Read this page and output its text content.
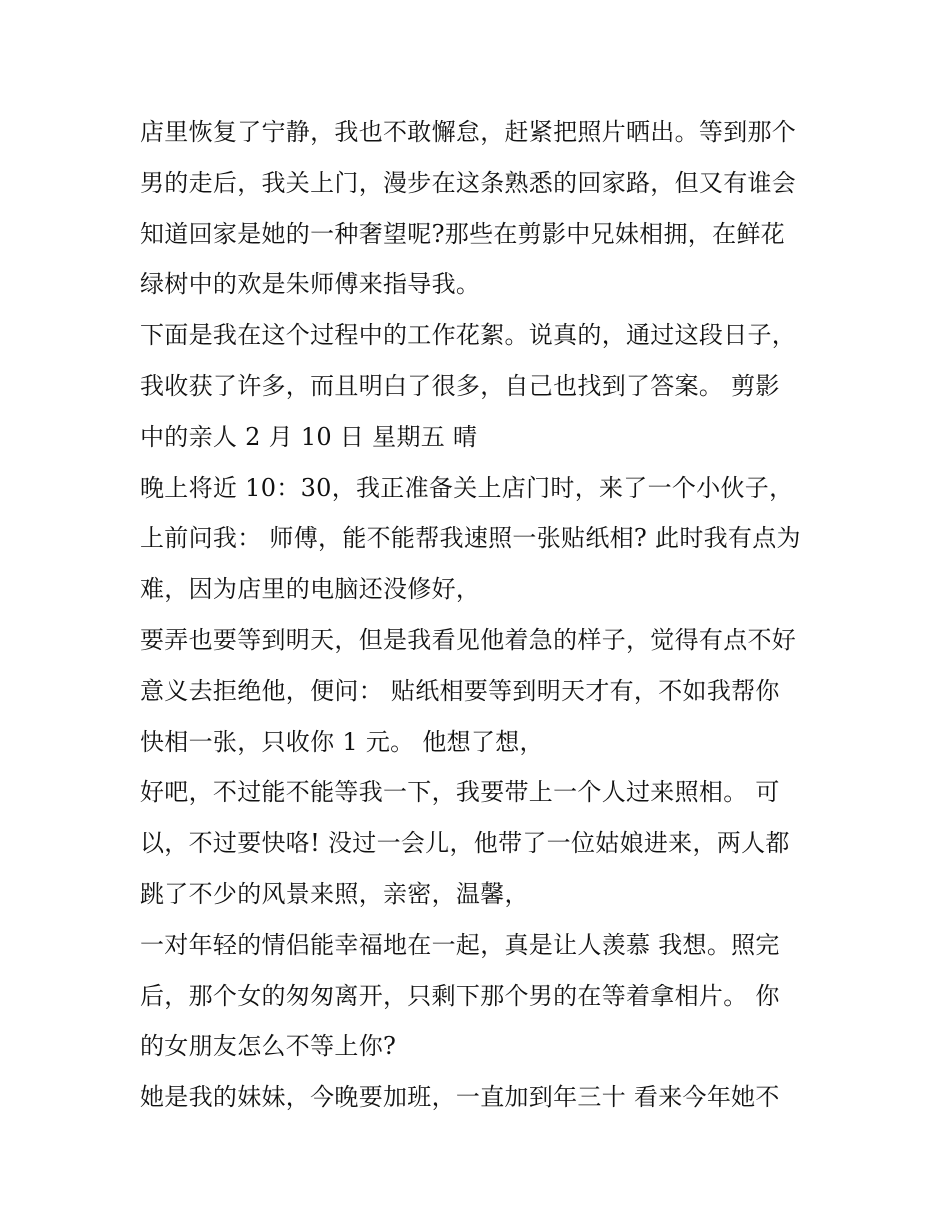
店里恢复了宁静，我也不敢懈怠，赶紧把照片晒出。等到那个
男的走后，我关上门，漫步在这条熟悉的回家路，但又有谁会
知道回家是她的一种奢望呢?那些在剪影中兄妹相拥，在鲜花
绿树中的欢是朱师傅来指导我。
下面是我在这个过程中的工作花絮。说真的，通过这段日子，
我收获了许多，而且明白了很多，自己也找到了答案。 剪影
中的亲人 2 月 10 日 星期五 晴
晚上将近 10：30，我正准备关上店门时，来了一个小伙子，
上前问我： 师傅，能不能帮我速照一张贴纸相? 此时我有点为
难，因为店里的电脑还没修好，
要弄也要等到明天，但是我看见他着急的样子，觉得有点不好
意义去拒绝他，便问： 贴纸相要等到明天才有，不如我帮你
快相一张，只收你 1 元。 他想了想，
好吧，不过能不能等我一下，我要带上一个人过来照相。 可
以，不过要快咯! 没过一会儿，他带了一位姑娘进来，两人都
跳了不少的风景来照，亲密，温馨，
一对年轻的情侣能幸福地在一起，真是让人羡慕 我想。照完
后，那个女的匆匆离开，只剩下那个男的在等着拿相片。 你
的女朋友怎么不等上你?
她是我的妹妹，今晚要加班，一直加到年三十 看来今年她不
